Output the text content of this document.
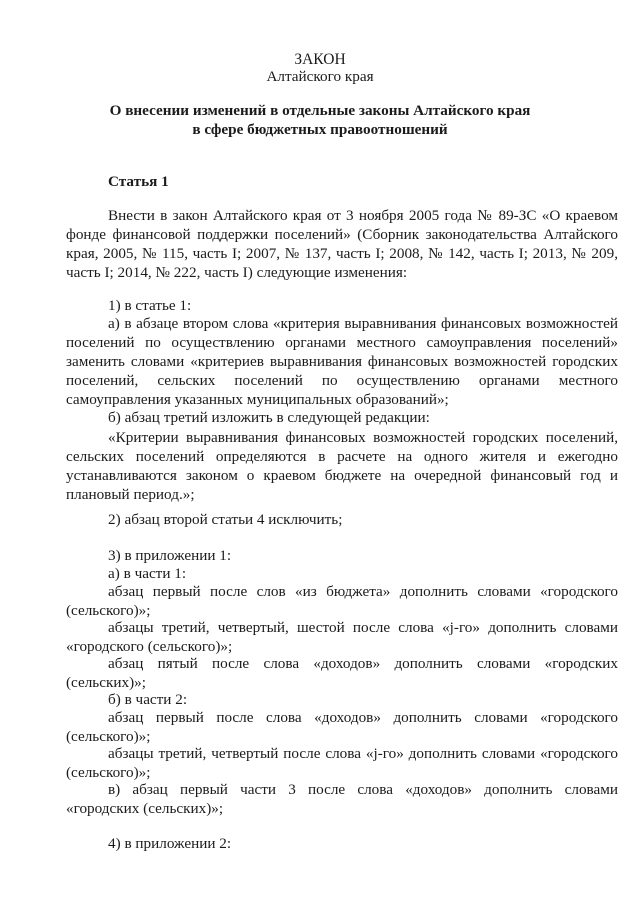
ЗАКОН
Алтайского края
О внесении изменений в отдельные законы Алтайского края
в сфере бюджетных правоотношений
Статья 1

Внести в закон Алтайского края от 3 ноября 2005 года № 89-ЗС «О краевом фонде финансовой поддержки поселений» (Сборник законодательства Алтайского края, 2005, № 115, часть I; 2007, № 137, часть I; 2008, № 142, часть I; 2013, № 209, часть I; 2014, № 222, часть I) следующие изменения:

1) в статье 1:

а) в абзаце втором слова «критерия выравнивания финансовых возможностей поселений по осуществлению органами местного самоуправления поселений» заменить словами «критериев выравнивания финансовых возможностей городских поселений, сельских поселений по осуществлению органами местного самоуправления указанных муниципальных образований»;

б) абзац третий изложить в следующей редакции:

«Критерии выравнивания финансовых возможностей городских поселений, сельских поселений определяются в расчете на одного жителя и ежегодно устанавливаются законом о краевом бюджете на очередной финансовый год и плановый период.»;

2) абзац второй статьи 4 исключить;

3) в приложении 1:

а) в части 1:

абзац первый после слов «из бюджета» дополнить словами «городского (сельского)»;

абзацы третий, четвертый, шестой после слова «j-го» дополнить словами «городского (сельского)»;

абзац пятый после слова «доходов» дополнить словами «городских (сельских)»;

б) в части 2:

абзац первый после слова «доходов» дополнить словами «городского (сельского)»;

абзацы третий, четвертый после слова «j-го» дополнить словами «городского (сельского)»;

в) абзац первый части 3 после слова «доходов» дополнить словами «городских (сельских)»;

4) в приложении 2:
